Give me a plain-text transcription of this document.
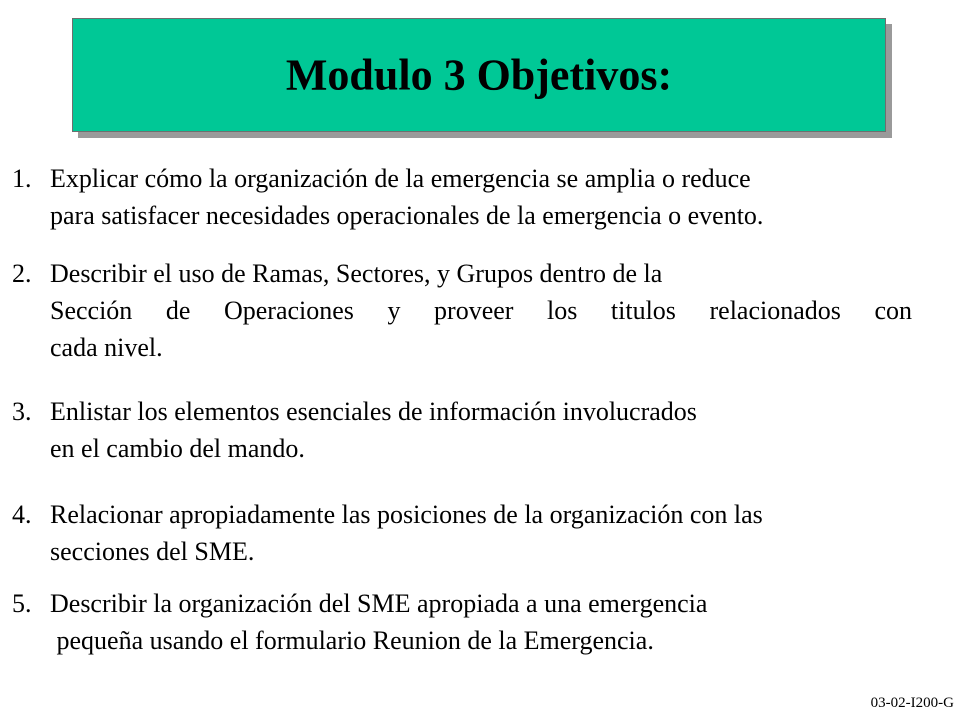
Modulo 3 Objetivos:
1. Explicar cómo la organización de la emergencia se amplia o reduce
para satisfacer necesidades operacionales de la emergencia o evento.
2. Describir el uso de Ramas, Sectores, y Grupos dentro de la
Sección de Operaciones y proveer los titulos relacionados con
cada nivel.
3. Enlistar los elementos esenciales de información involucrados
en el cambio del mando.
4. Relacionar apropiadamente las posiciones de la organización con las
secciones del SME.
5. Describir la organización del SME apropiada a una emergencia
pequeña usando el formulario Reunion de la Emergencia.
03-02-I200-G
